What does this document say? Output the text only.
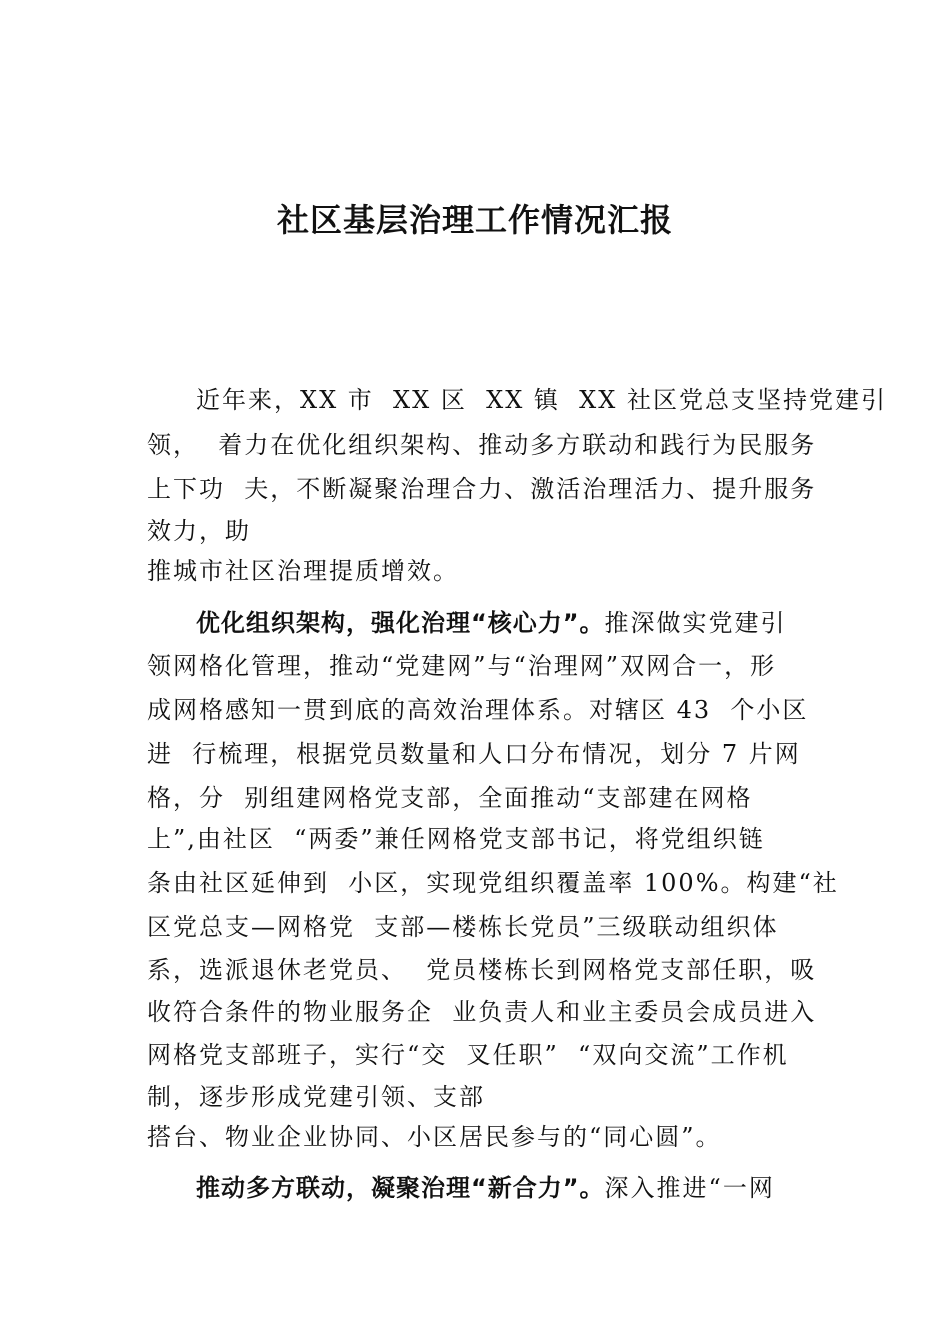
社区基层治理工作情况汇报
近年来，XX 市  XX 区  XX 镇  XX 社区党总支坚持党建引
领，  着力在优化组织架构、推动多方联动和践行为民服务
上下功  夫，不断凝聚治理合力、激活治理活力、提升服务
效力，助
推城市社区治理提质增效。
优化组织架构，强化治理“核心力”。推深做实党建引
领网格化管理，推动“党建网”与“治理网”双网合一，形
成网格感知一贯到底的高效治理体系。对辖区 43  个小区
进  行梳理，根据党员数量和人口分布情况，划分 7 片网
格，分  别组建网格党支部，全面推动“支部建在网格
上”,由社区  “两委”兼任网格党支部书记，将党组织链
条由社区延伸到  小区，实现党组织覆盖率 100%。构建“社
区党总支—网格党  支部—楼栋长党员”三级联动组织体
系，选派退休老党员、  党员楼栋长到网格党支部任职，吸
收符合条件的物业服务企  业负责人和业主委员会成员进入
网格党支部班子，实行“交  叉任职”  “双向交流”工作机
制，逐步形成党建引领、支部
搭台、物业企业协同、小区居民参与的“同心圆”。
推动多方联动，凝聚治理“新合力”。深入推进“一网
